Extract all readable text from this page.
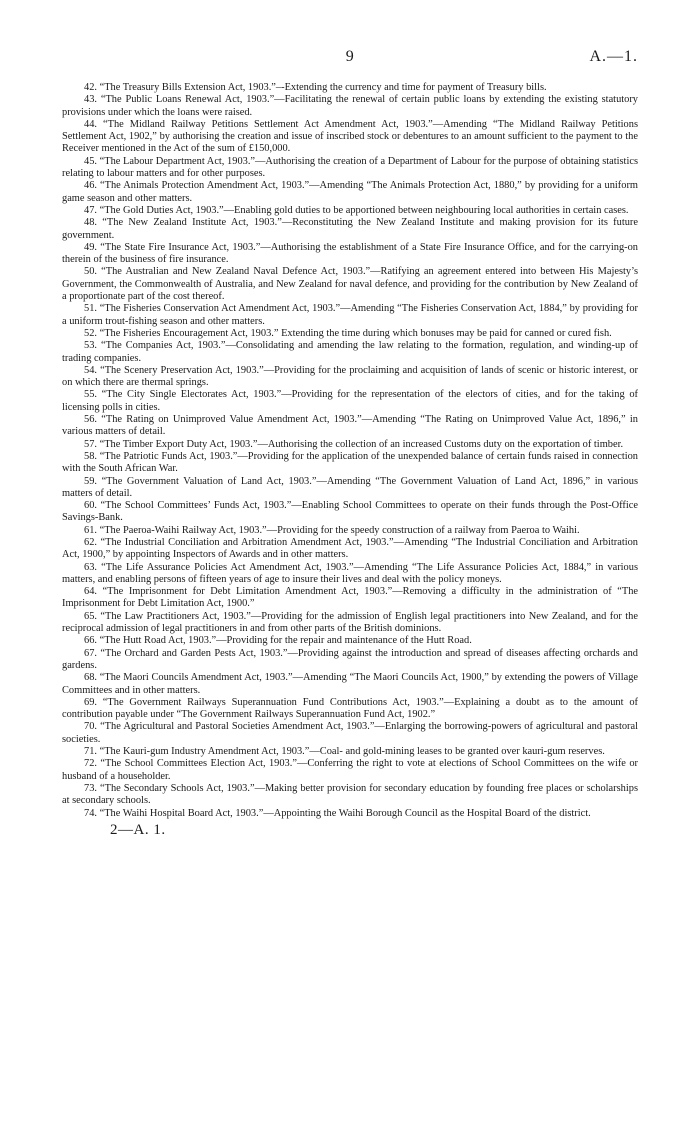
9	A.—1.

42. “The Treasury Bills Extension Act, 1903.”–-Extending the currency and time for payment of Treasury bills.

43. “The Public Loans Renewal Act, 1903.”—Facilitating the renewal of certain public loans by extending the existing statutory provisions under which the loans were raised.

44. “The Midland Railway Petitions Settlement Act Amendment Act, 1903.”—Amending “The Midland Railway Petitions Settlement Act, 1902,” by authorising the creation and issue of inscribed stock or debentures to an amount sufficient to the payment to the Receiver mentioned in the Act of the sum of £150,000.

45. “The Labour Department Act, 1903.”—Authorising the creation of a Department of Labour for the purpose of obtaining statistics relating to labour matters and for other purposes.

46. “The Animals Protection Amendment Act, 1903.”—Amending “The Animals Protection Act, 1880,” by providing for a uniform game season and other matters.

47. “The Gold Duties Act, 1903.”—Enabling gold duties to be apportioned between neighbouring local authorities in certain cases.

48. “The New Zealand Institute Act, 1903.”—Reconstituting the New Zealand Institute and making provision for its future government.

49. “The State Fire Insurance Act, 1903.”—Authorising the establishment of a State Fire Insurance Office, and for the carrying-on therein of the business of fire insurance.

50. “The Australian and New Zealand Naval Defence Act, 1903.”—Ratifying an agreement entered into between His Majesty’s Government, the Commonwealth of Australia, and New Zealand for naval defence, and providing for the contribution by New Zealand of a proportionate part of the cost thereof.

51. “The Fisheries Conservation Act Amendment Act, 1903.”—Amending “The Fisheries Conservation Act, 1884,” by providing for a uniform trout-fishing season and other matters.

52. “The Fisheries Encouragement Act, 1903.” Extending the time during which bonuses may be paid for canned or cured fish.

53. “The Companies Act, 1903.”—Consolidating and amending the law relating to the formation, regulation, and winding-up of trading companies.

54. “The Scenery Preservation Act, 1903.”—Providing for the proclaiming and acquisition of lands of scenic or historic interest, or on which there are thermal springs.

55. “The City Single Electorates Act, 1903.”—Providing for the representation of the electors of cities, and for the taking of licensing polls in cities.

56. “The Rating on Unimproved Value Amendment Act, 1903.”—Amending “The Rating on Unimproved Value Act, 1896,” in various matters of detail.

57. “The Timber Export Duty Act, 1903.”—Authorising the collection of an increased Customs duty on the exportation of timber.

58. “The Patriotic Funds Act, 1903.”—Providing for the application of the unexpended balance of certain funds raised in connection with the South African War.

59. “The Government Valuation of Land Act, 1903.”—Amending “The Government Valuation of Land Act, 1896,” in various matters of detail.

60. “The School Committees’ Funds Act, 1903.”—Enabling School Committees to operate on their funds through the Post-Office Savings-Bank.

61. “The Paeroa-Waihi Railway Act, 1903.”—Providing for the speedy construction of a railway from Paeroa to Waihi.

62. “The Industrial Conciliation and Arbitration Amendment Act, 1903.”—Amending “The Industrial Conciliation and Arbitration Act, 1900,” by appointing Inspectors of Awards and in other matters.

63. “The Life Assurance Policies Act Amendment Act, 1903.”—Amending “The Life Assurance Policies Act, 1884,” in various matters, and enabling persons of fifteen years of age to insure their lives and deal with the policy moneys.

64. “The Imprisonment for Debt Limitation Amendment Act, 1903.”—Removing a difficulty in the administration of “The Imprisonment for Debt Limitation Act, 1900.”

65. “The Law Practitioners Act, 1903.”—Providing for the admission of English legal practitioners into New Zealand, and for the reciprocal admission of legal practitioners in and from other parts of the British dominions.

66. “The Hutt Road Act, 1903.”—Providing for the repair and maintenance of the Hutt Road.

67. “The Orchard and Garden Pests Act, 1903.”—Providing against the introduction and spread of diseases affecting orchards and gardens.

68. “The Maori Councils Amendment Act, 1903.”—Amending “The Maori Councils Act, 1900,” by extending the powers of Village Committees and in other matters.

69. “The Government Railways Superannuation Fund Contributions Act, 1903.”—Explaining a doubt as to the amount of contribution payable under “The Government Railways Superannuation Fund Act, 1902.”

70. “The Agricultural and Pastoral Societies Amendment Act, 1903.”—Enlarging the borrowing-powers of agricultural and pastoral societies.

71. “The Kauri-gum Industry Amendment Act, 1903.”—Coal- and gold-mining leases to be granted over kauri-gum reserves.

72. “The School Committees Election Act, 1903.”—Conferring the right to vote at elections of School Committees on the wife or husband of a householder.

73. “The Secondary Schools Act, 1903.”—Making better provision for secondary education by founding free places or scholarships at secondary schools.

74. “The Waihi Hospital Board Act, 1903.”—Appointing the Waihi Borough Council as the Hospital Board of the district.

2—A. 1.
